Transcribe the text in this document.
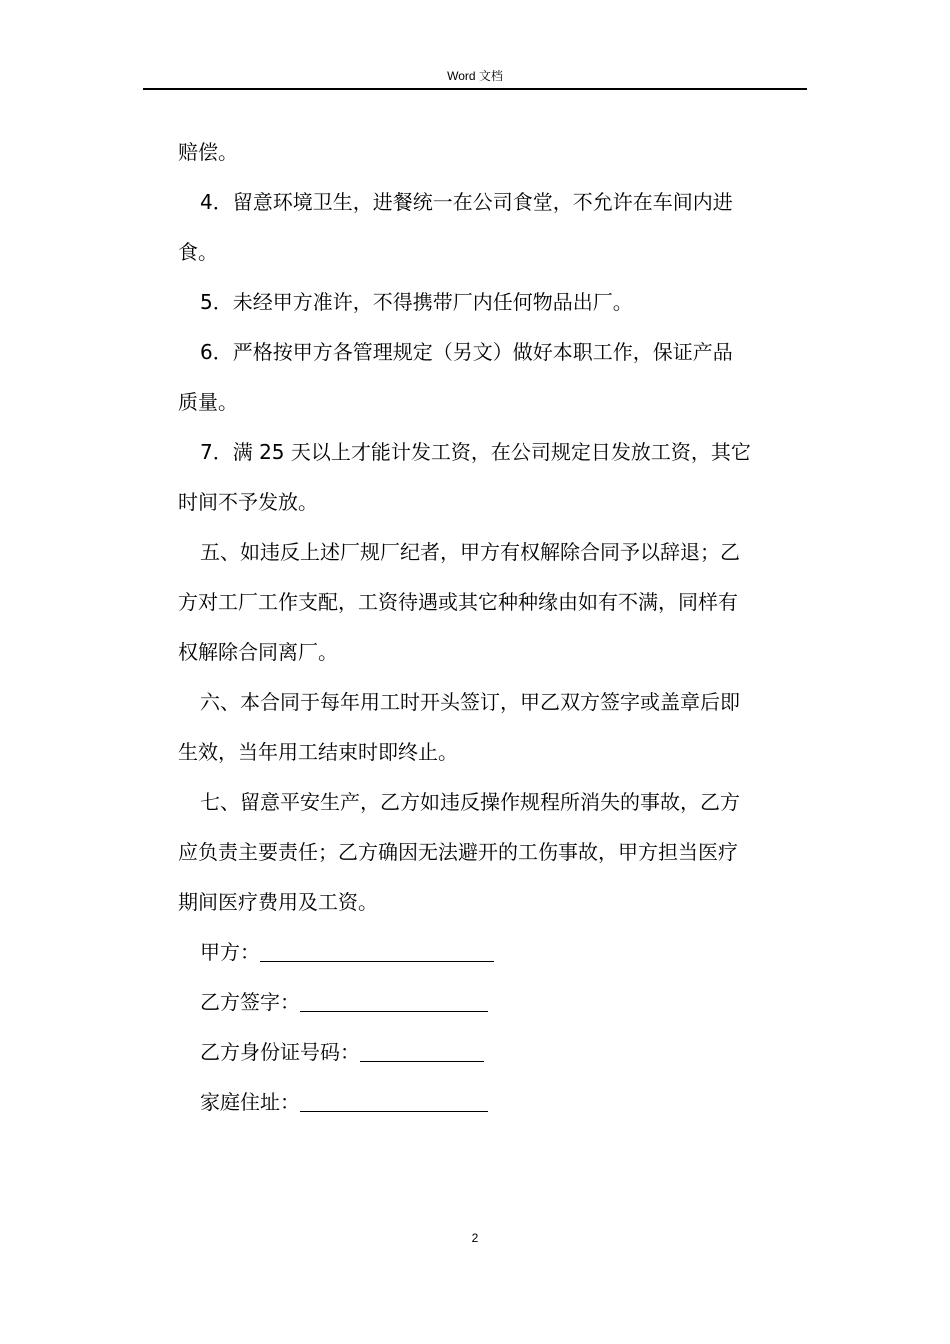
Word 文档
赔偿。
4．留意环境卫生，进餐统一在公司食堂，不允许在车间内进
食。
5．未经甲方准许，不得携带厂内任何物品出厂。
6．严格按甲方各管理规定（另文）做好本职工作，保证产品
质量。
7．满 25 天以上才能计发工资，在公司规定日发放工资，其它
时间不予发放。
五、如违反上述厂规厂纪者，甲方有权解除合同予以辞退；乙
方对工厂工作支配，工资待遇或其它种种缘由如有不满，同样有
权解除合同离厂。
六、本合同于每年用工时开头签订，甲乙双方签字或盖章后即
生效，当年用工结束时即终止。
七、留意平安生产，乙方如违反操作规程所消失的事故，乙方
应负责主要责任；乙方确因无法避开的工伤事故，甲方担当医疗
期间医疗费用及工资。
甲方：
乙方签字：
乙方身份证号码：
家庭住址：
2
